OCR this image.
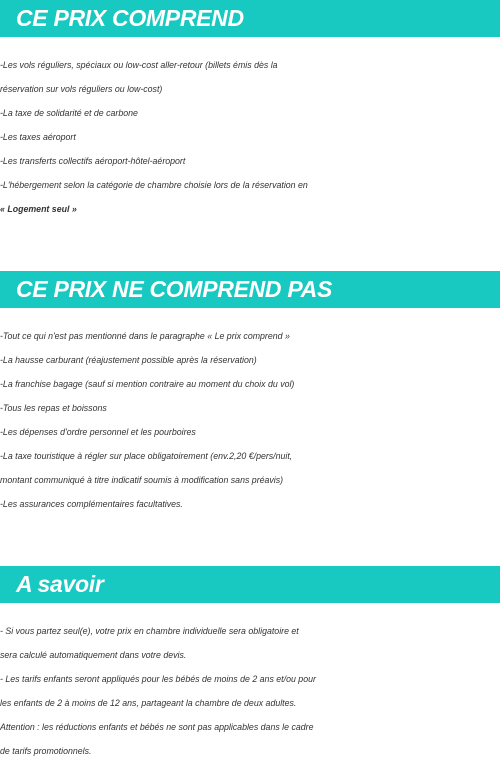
CE PRIX COMPREND
-Les vols réguliers, spéciaux ou low-cost aller-retour (billets émis dès la
réservation sur vols réguliers ou low-cost)
-La taxe de solidarité et de carbone
-Les taxes aéroport
-Les transferts collectifs aéroport-hôtel-aéroport
-L'hébergement selon la catégorie de chambre choisie lors de la réservation en
« Logement seul »
CE PRIX NE COMPREND PAS
-Tout ce qui n'est pas mentionné dans le paragraphe « Le prix comprend »
-La hausse carburant (réajustement possible après la réservation)
-La franchise bagage (sauf si mention contraire au moment du choix du vol)
-Tous les repas et boissons
-Les dépenses d'ordre personnel et les pourboires
-La taxe touristique à régler sur place obligatoirement (env.2,20 €/pers/nuit,
montant communiqué à titre indicatif soumis à modification sans préavis)
-Les assurances complémentaires facultatives.
A savoir
- Si vous partez seul(e), votre prix en chambre individuelle sera obligatoire et
sera calculé automatiquement dans votre devis.
- Les tarifs enfants seront appliqués pour les bébés de moins de 2 ans et/ou pour
les enfants de 2 à moins de 12 ans, partageant la chambre de deux adultes.
Attention : les réductions enfants et bébés ne sont pas applicables dans le cadre
de tarifs promotionnels.
